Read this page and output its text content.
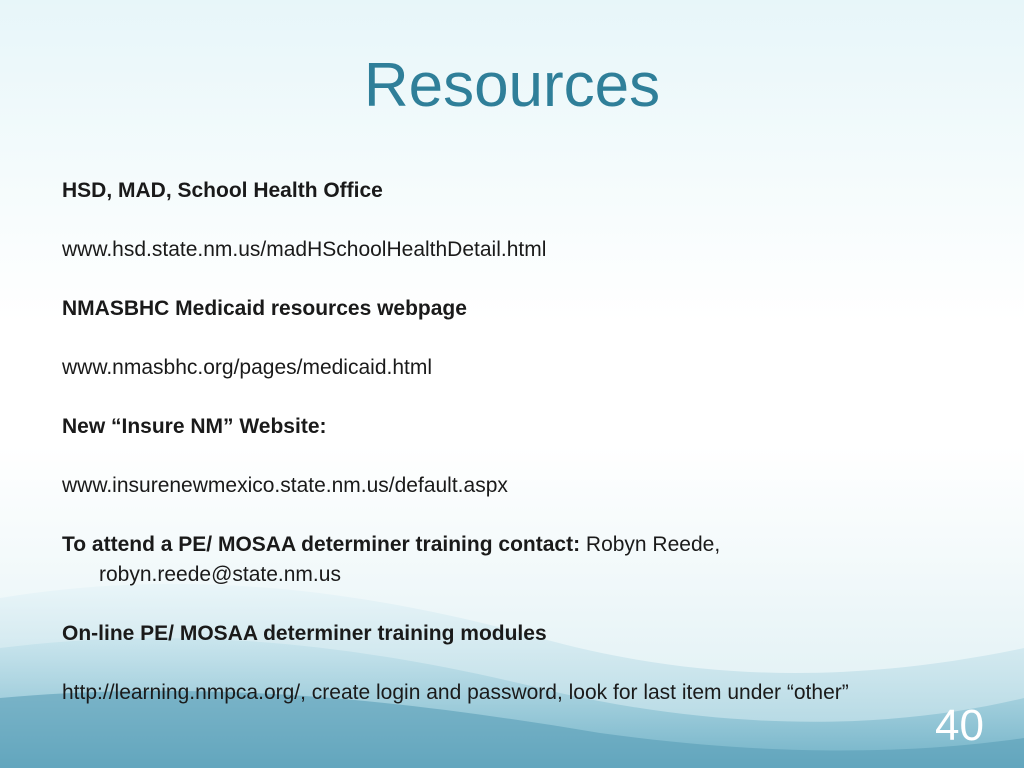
Resources
HSD, MAD, School Health Office
www.hsd.state.nm.us/madHSchoolHealthDetail.html
NMASBHC Medicaid resources webpage
www.nmasbhc.org/pages/medicaid.html
New “Insure NM” Website:
www.insurenewmexico.state.nm.us/default.aspx
To attend a PE/ MOSAA determiner training contact: Robyn Reede, robyn.reede@state.nm.us
On-line PE/ MOSAA determiner training modules
http://learning.nmpca.org/, create login and password, look for last item under “other”
40
